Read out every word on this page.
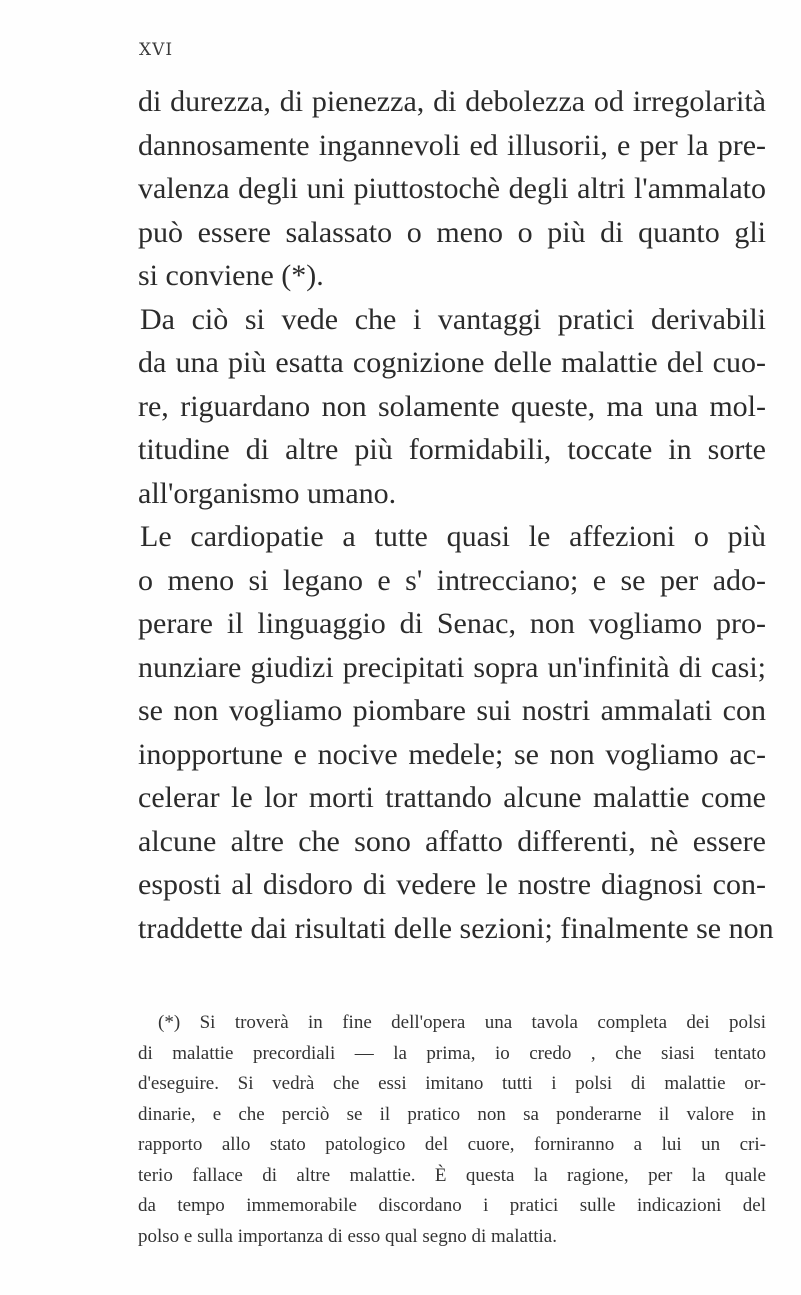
XVI
di durezza, di pienezza, di debolezza od irregolarità
dannosamente ingannevoli ed illusorii, e per la pre-
valenza degli uni piuttostochè degli altri l'ammalato
può essere salassato o meno o più di quanto gli
si conviene (*).
Da ciò si vede che i vantaggi pratici derivabili
da una più esatta cognizione delle malattie del cuo-
re, riguardano non solamente queste, ma una mol-
titudine di altre più formidabili, toccate in sorte
all'organismo umano.
Le cardiopatie a tutte quasi le affezioni o più
o meno si legano e s' intrecciano; e se per ado-
perare il linguaggio di Senac, non vogliamo pro-
nunziare giudizi precipitati sopra un'infinità di casi;
se non vogliamo piombare sui nostri ammalati con
inopportune e nocive medele; se non vogliamo ac-
celerar le lor morti trattando alcune malattie come
alcune altre che sono affatto differenti, nè essere
esposti al disdoro di vedere le nostre diagnosi con-
traddette dai risultati delle sezioni; finalmente se non
(*) Si troverà in fine dell'opera una tavola completa dei polsi
di malattie precordiali — la prima, io credo , che siasi tentato
d'eseguire. Si vedrà che essi imitano tutti i polsi di malattie or-
dinarie, e che perciò se il pratico non sa ponderarne il valore in
rapporto allo stato patologico del cuore, forniranno a lui un cri-
terio fallace di altre malattie. È questa la ragione, per la quale
da tempo immemorabile discordano i pratici sulle indicazioni del
polso e sulla importanza di esso qual segno di malattia.
